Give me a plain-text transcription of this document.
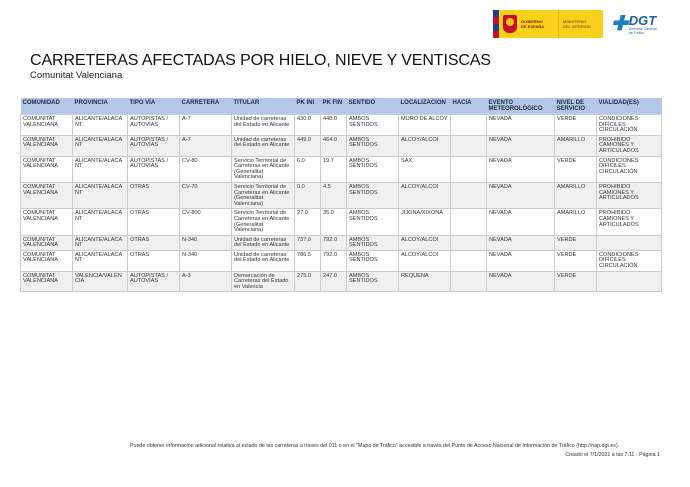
GOBIERNO
DE ESPAÑA
MINISTERIO
DEL INTERIOR ✚ DGT
Dirección General
de Tráfico
CARRETERAS AFECTADAS POR HIELO, NIEVE Y VENTISCAS
Comunitat Valenciana
COMUNIDAD	PROVINCIA	TIPO VÍA	CARRETERA	TITULAR	PK INI	PK FIN	SENTIDO	LOCALIZACION	HACIA	EVENTO METEOROLÓGICO	NIVEL DE SERVICIO	VIALIDAD(ES)
COMUNITAT VALENCIANA	ALICANTE/ALACANT	AUTOPISTAS / AUTOVÍAS	A-7	Unidad de carreteras del Estado en Alicante	430.0	448.0	AMBOS SENTIDOS	MURO DE ALCOY		NEVADA	VERDE	CONDICIONES DIFÍCILES CIRCULACIÓN
COMUNITAT VALENCIANA	ALICANTE/ALACANT	AUTOPISTAS / AUTOVÍAS	A-7	Unidad de carreteras del Estado en Alicante	449.0	464.0	AMBOS SENTIDOS	ALCOY/ALCOI		NEVADA	AMARILLO	PROHIBIDO CAMIONES Y ARTICULADOS
COMUNITAT VALENCIANA	ALICANTE/ALACANT	AUTOPISTAS / AUTOVÍAS	CV-80	Servicio Territorial de Carreteras en Alicante (Generalitat Valenciana)	6.0	19.7	AMBOS SENTIDOS	SAX		NEVADA	VERDE	CONDICIONES DIFÍCILES CIRCULACIÓN
COMUNITAT VALENCIANA	ALICANTE/ALACANT	OTRAS	CV-70	Servicio Territorial de Carreteras en Alicante (Generalitat Valenciana)	0.0	4.5	AMBOS SENTIDOS	ALCOY/ALCOI		NEVADA	AMARILLO	PROHIBIDO CAMIONES Y ARTICULADOS
COMUNITAT VALENCIANA	ALICANTE/ALACANT	OTRAS	CV-800	Servicio Territorial de Carreteras en Alicante (Generalitat Valenciana)	27.0	35.0	AMBOS SENTIDOS	JIJONA/XIXONA		NEVADA	AMARILLO	PROHIBIDO CAMIONES Y ARTICULADOS
COMUNITAT VALENCIANA	ALICANTE/ALACANT	OTRAS	N-340	Unidad de carreteras del Estado en Alicante	737.0	792.0	AMBOS SENTIDOS	ALCOY/ALCOI		NEVADA	VERDE	
COMUNITAT VALENCIANA	ALICANTE/ALACANT	OTRAS	N-340	Unidad de carreteras del Estado en Alicante	786.5	792.0	AMBOS SENTIDOS	ALCOY/ALCOI		NEVADA	VERDE	CONDICIONES DIFÍCILES CIRCULACIÓN
COMUNITAT VALENCIANA	VALENCIA/VALÈNCIA	AUTOPISTAS / AUTOVÍAS	A-3	Demarcación de Carreteras del Estado en Valencia	275.0	247.0	AMBOS SENTIDOS	REQUENA		NEVADA	VERDE	
Puede obtener información adicional relativa al estado de las carreteras a través del 011 o en el "Mapa de Tráfico" accesible a través del Punto de Acceso Nacional de Información de Tráfico (http://nap.dgt.es).
Creado el 7/1/2021 a las 7:11 - Página 1
